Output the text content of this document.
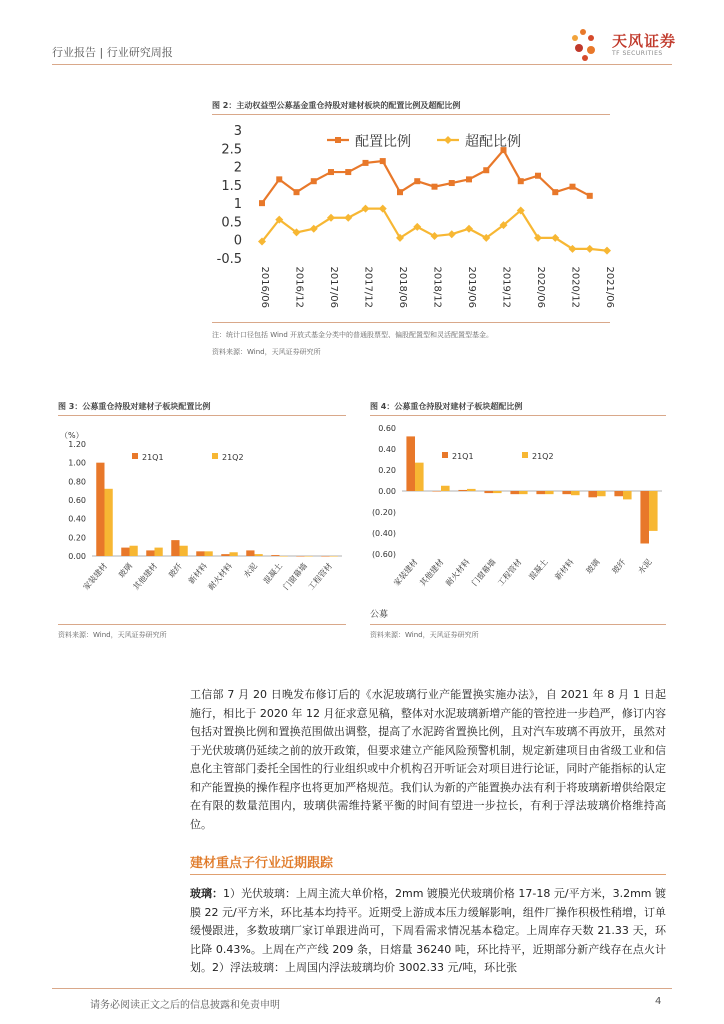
行业报告 | 行业研究周报
天风证券
TF SECURITIES
图 2：主动权益型公募基金重仓持股对建材板块的配置比例及超配比例
3
2.5
2
1.5
1
0.5
0
-0.5
2016/06 2016/12 2017/06 2017/12 2018/06 2018/12 2019/06 2019/12 2020/06 2020/12 2021/06
配置比例	超配比例
注：统计口径包括 Wind 开放式基金分类中的普通股票型、偏股配置型和灵活配置型基金。
资料来源：Wind，天风证券研究所
图 3：公募重仓持股对建材子板块配置比例
（%）
1.20
1.00
0.80
0.60
0.40
0.20
0.00
家装建材 玻璃
其他建材 玻纤 新材料
耐火材料 水泥 混凝土
门窗幕墙
工程管材
21Q1	21Q2
资料来源：Wind，天风证券研究所
图 4：公募重仓持股对建材子板块超配比例
0.60
0.40
0.20
0.00
(0.20)
(0.40)
(0.60)
家装建材
其他建材
耐火材料
门窗幕墙
工程管材 混凝土 新材料 玻璃 玻纤 水泥
21Q1	21Q2
公募
资料来源：Wind，天风证券研究所
工信部 7 月 20 日晚发布修订后的《水泥玻璃行业产能置换实施办法》，自 2021 年 8 月 1 日起施行，相比于 2020 年 12 月征求意见稿，整体对水泥玻璃新增产能的管控进一步趋严，修订内容包括对置换比例和置换范围做出调整，提高了水泥跨省置换比例，且对汽车玻璃不再放开，虽然对于光伏玻璃仍延续之前的放开政策，但要求建立产能风险预警机制，规定新建项目由省级工业和信息化主管部门委托全国性的行业组织或中介机构召开听证会对项目进行论证，同时产能指标的认定和产能置换的操作程序也将更加严格规范。我们认为新的产能置换办法有利于将玻璃新增供给限定在有限的数量范围内，玻璃供需维持紧平衡的时间有望进一步拉长，有利于浮法玻璃价格维持高位。
建材重点子行业近期跟踪
玻璃：1）光伏玻璃：上周主流大单价格，2mm 镀膜光伏玻璃价格 17-18 元/平方米，3.2mm 镀膜 22 元/平方米，环比基本均持平。近期受上游成本压力缓解影响，组件厂操作积极性稍增，订单缓慢跟进，多数玻璃厂家订单跟进尚可，下周看需求情况基本稳定。上周库存天数 21.33 天，环比降 0.43%。上周在产产线 209 条，日熔量 36240 吨，环比持平，近期部分新产线存在点火计划。2）浮法玻璃：上周国内浮法玻璃均价 3002.33 元/吨，环比张
请务必阅读正文之后的信息披露和免责申明	4
